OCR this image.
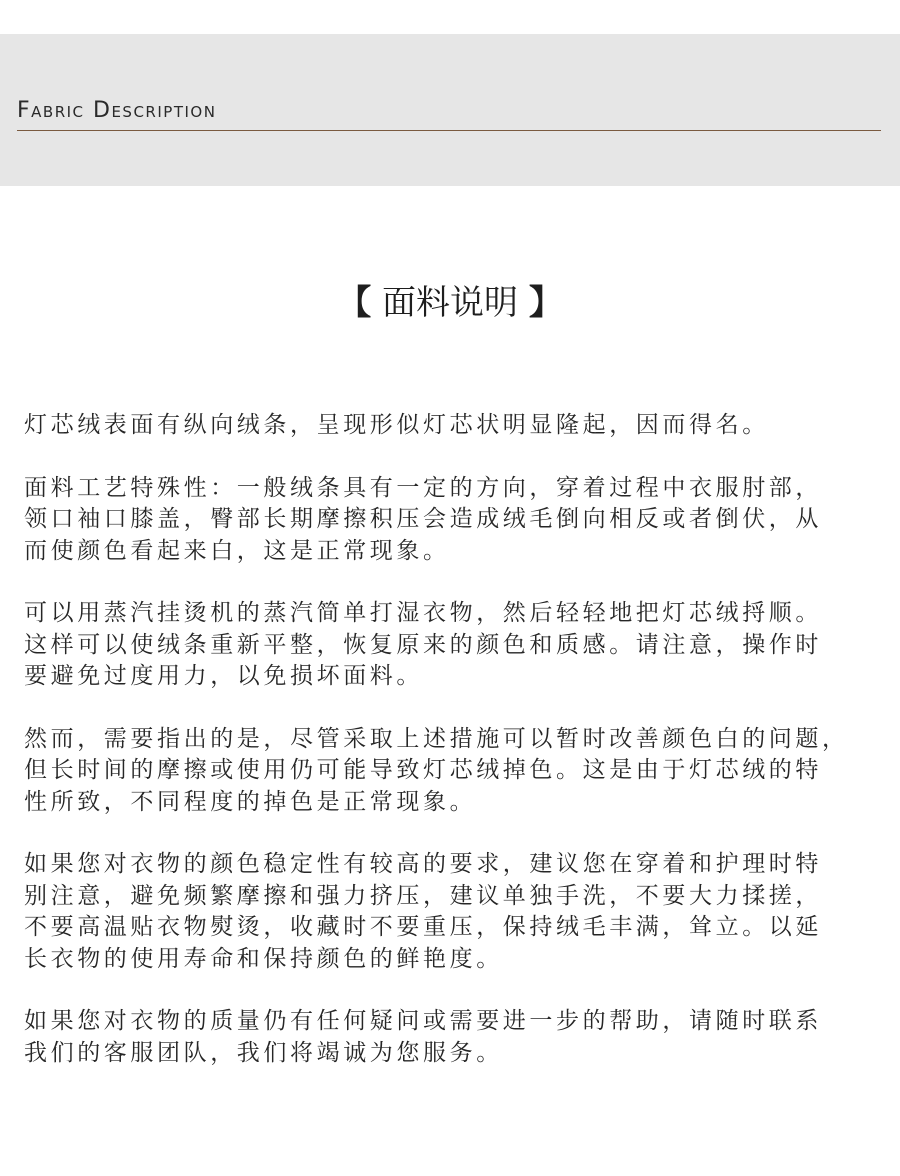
Fabric Description
【 面料说明 】

灯芯绒表面有纵向绒条，呈现形似灯芯状明显隆起，因而得名。

面料工艺特殊性：一般绒条具有一定的方向，穿着过程中衣服肘部，
领口袖口膝盖，臀部长期摩擦积压会造成绒毛倒向相反或者倒伏，从
而使颜色看起来白，这是正常现象。

可以用蒸汽挂烫机的蒸汽简单打湿衣物，然后轻轻地把灯芯绒捋顺。
这样可以使绒条重新平整，恢复原来的颜色和质感。请注意，操作时
要避免过度用力，以免损坏面料。

然而，需要指出的是，尽管采取上述措施可以暂时改善颜色白的问题，
但长时间的摩擦或使用仍可能导致灯芯绒掉色。这是由于灯芯绒的特
性所致，不同程度的掉色是正常现象。

如果您对衣物的颜色稳定性有较高的要求，建议您在穿着和护理时特
别注意，避免频繁摩擦和强力挤压，建议单独手洗，不要大力揉搓，
不要高温贴衣物熨烫，收藏时不要重压，保持绒毛丰满，耸立。以延
长衣物的使用寿命和保持颜色的鲜艳度。

如果您对衣物的质量仍有任何疑问或需要进一步的帮助，请随时联系
我们的客服团队，我们将竭诚为您服务。
